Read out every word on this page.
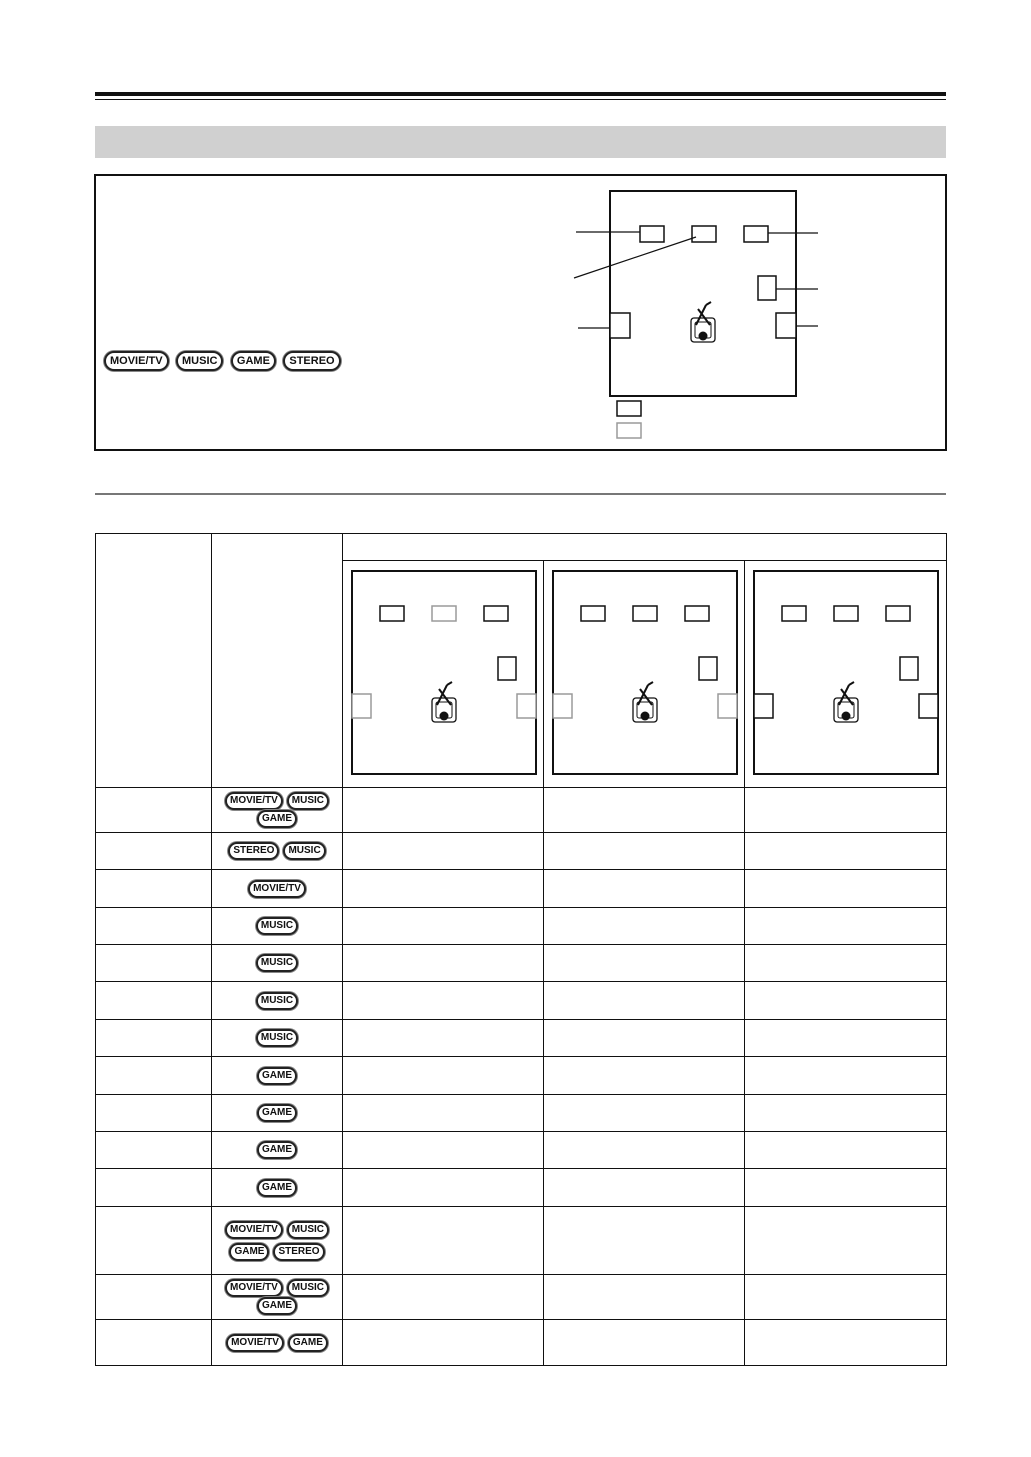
MOVIE/TV MUSIC GAME STEREO

	MOVIE/TV MUSICGAME			

	STEREO MUSIC			

	MOVIE/TV			

	MUSIC			

	MUSIC			

	MUSIC			

	MUSIC			

	GAME			

	GAME			

	GAME			

	GAME			

	MOVIE/TV MUSIC
GAME STEREO			

	MOVIE/TV MUSICGAME			

	MOVIE/TV GAME			
